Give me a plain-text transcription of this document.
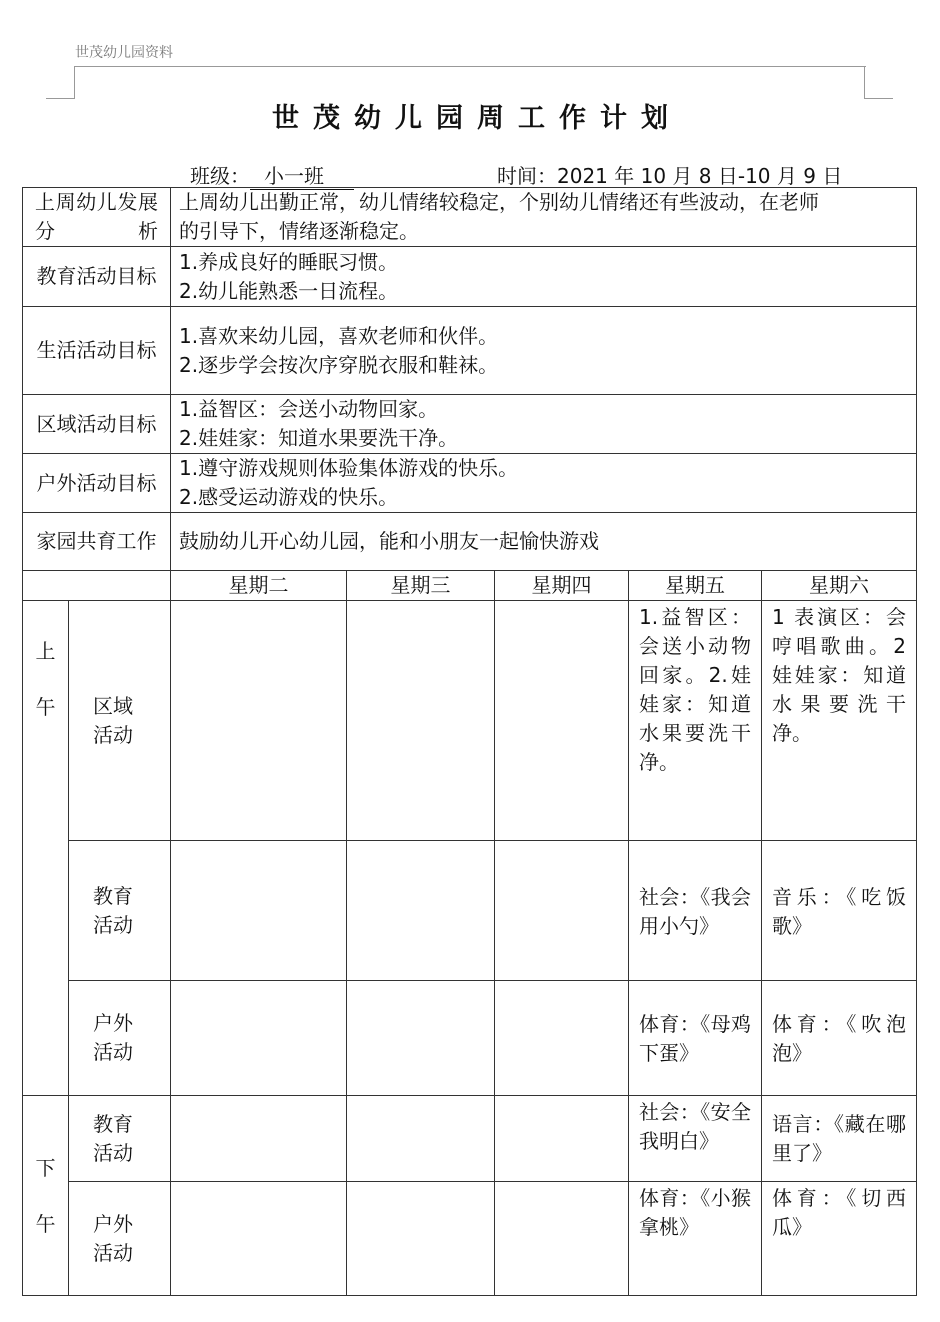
世茂幼儿园资料
世茂幼儿园周工作计划
班级： 小一班	时间：2021 年 10 月 8 日-10 月 9 日
上周幼儿发展分析		上周幼儿出勤正常，幼儿情绪较稳定，个别幼儿情绪还有些波动，在老师
的引导下，情绪逐渐稳定。				

教育活动目标		1.养成良好的睡眠习惯。
2.幼儿能熟悉一日流程。				

生活活动目标		1.喜欢来幼儿园，喜欢老师和伙伴。
2.逐步学会按次序穿脱衣服和鞋袜。				

区域活动目标		1.益智区：会送小动物回家。
2.娃娃家：知道水果要洗干净。				

户外活动目标		1.遵守游戏规则体验集体游戏的快乐。
2.感受运动游戏的快乐。				

家园共育工作		鼓励幼儿开心幼儿园，能和小朋友一起愉快游戏				

		星期二	星期三	星期四	星期五	星期六
上午	区域活动				1.益智区：会送小动物回家。2.娃娃家：知道水果要洗干净。	1 表演区：会哼唱歌曲。2 娃娃家：知道水果要洗干净。

	教育活动				社会：《我会用小勺》	音乐：《吃饭歌》

	户外活动				体育：《母鸡下蛋》	体育：《吹泡泡》
下午	教育活动				社会：《安全我明白》	语言：《藏在哪里了》

	户外活动				体育：《小猴拿桃》	体育：《切西瓜》
